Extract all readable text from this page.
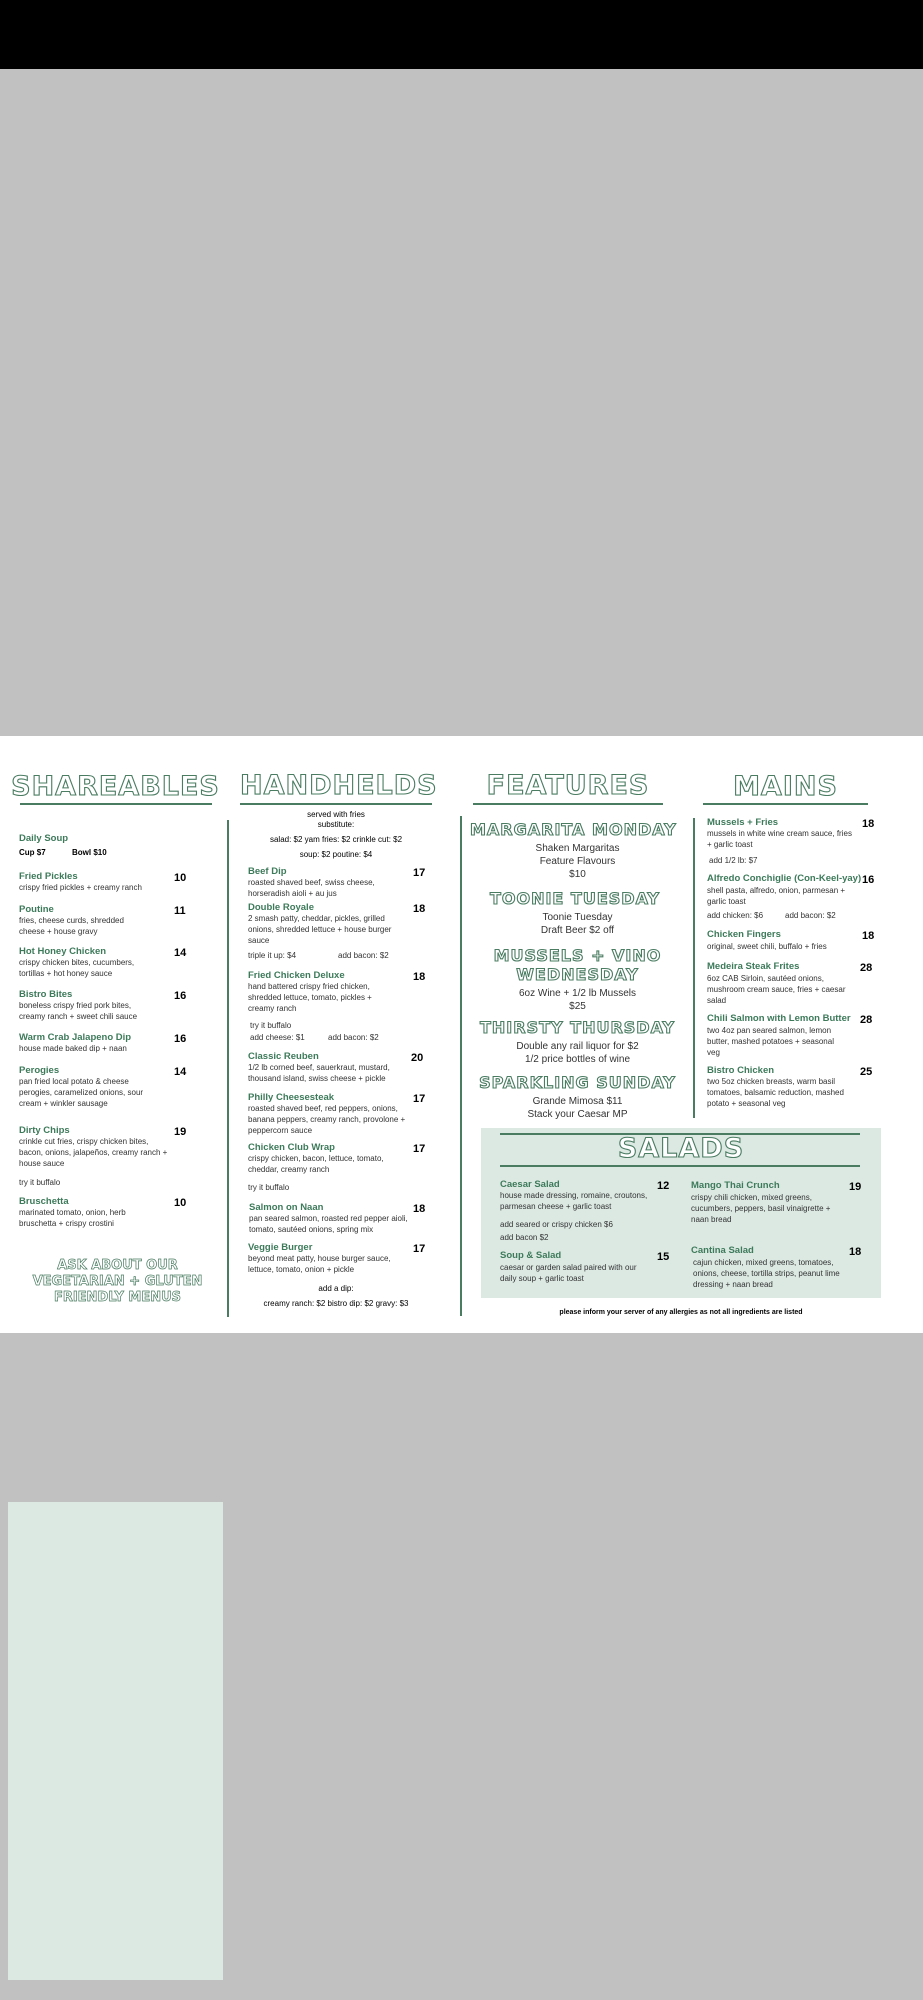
SHAREABLES
Daily Soup
Cup $7	Bowl $10
Fried Pickles
crispy fried pickles + creamy ranch
10
Poutine
fries, cheese curds, shredded cheese + house gravy
11
Hot Honey Chicken
crispy chicken bites, cucumbers, tortillas + hot honey sauce
14
Bistro Bites
boneless crispy fried pork bites, creamy ranch + sweet chili sauce
16
Warm Crab Jalapeno Dip
house made baked dip + naan
16
Perogies
pan fried local potato & cheese perogies, caramelized onions, sour cream + winkler sausage
14
Dirty Chips
crinkle cut fries, crispy chicken bites, bacon, onions, jalapeños, creamy ranch + house sauce
19
try it buffalo
Bruschetta
marinated tomato, onion, herb bruschetta + crispy crostini
10
ASK ABOUT OUR VEGETARIAN + GLUTEN FRIENDLY MENUS
HANDHELDS
served with fries
substitute:
salad: $2 yam fries: $2 crinkle cut: $2
soup: $2 poutine: $4
Beef Dip
roasted shaved beef, swiss cheese, horseradish aioli + au jus
17
Double Royale
2 smash patty, cheddar, pickles, grilled onions, shredded lettuce + house burger sauce
18
triple it up: $4	add bacon: $2
Fried Chicken Deluxe
hand battered crispy fried chicken, shredded lettuce, tomato, pickles + creamy ranch
18
try it buffalo
add cheese: $1	add bacon: $2
Classic Reuben
1/2 lb corned beef, sauerkraut, mustard, thousand island, swiss cheese + pickle
20
Philly Cheesesteak
roasted shaved beef, red peppers, onions, banana peppers, creamy ranch, provolone + peppercorn sauce
17
Chicken Club Wrap
crispy chicken, bacon, lettuce, tomato, cheddar, creamy ranch
17
try it buffalo
Salmon on Naan
pan seared salmon, roasted red pepper aioli, tomato, sautéed onions, spring mix
18
Veggie Burger
beyond meat patty, house burger sauce, lettuce, tomato, onion + pickle
17
add a dip:
creamy ranch: $2 bistro dip: $2 gravy: $3
FEATURES
MARGARITA MONDAY
Shaken Margaritas
Feature Flavours
$10
TOONIE TUESDAY
Toonie Tuesday
Draft Beer $2 off
MUSSELS + VINO
WEDNESDAY
6oz Wine + 1/2 lb Mussels
$25
THIRSTY THURSDAY
Double any rail liquor for $2
1/2 price bottles of wine
SPARKLING SUNDAY
Grande Mimosa $11
Stack your Caesar MP
MAINS
Mussels + Fries
mussels in white wine cream sauce, fries + garlic toast
18
add 1/2 lb: $7
Alfredo Conchiglie (Con-Keel-yay)
shell pasta, alfredo, onion, parmesan + garlic toast
16
add chicken: $6	add bacon: $2
Chicken Fingers
original, sweet chili, buffalo + fries
18
Medeira Steak Frites
6oz CAB Sirloin, sautéed onions, mushroom cream sauce, fries + caesar salad
28
Chili Salmon with Lemon Butter
two 4oz pan seared salmon, lemon butter, mashed potatoes + seasonal veg
28
Bistro Chicken
two 5oz chicken breasts, warm basil tomatoes, balsamic reduction, mashed potato + seasonal veg
25
SALADS
Caesar Salad
house made dressing, romaine, croutons, parmesan cheese + garlic toast
12
add seared or crispy chicken $6
add bacon $2
Soup & Salad
caesar or garden salad paired with our daily soup + garlic toast
15
Mango Thai Crunch
crispy chili chicken, mixed greens, cucumbers, peppers, basil vinaigrette + naan bread
19
Cantina Salad
cajun chicken, mixed greens, tomatoes, onions, cheese, tortilla strips, peanut lime dressing + naan bread
18
please inform your server of any allergies as not all ingredients are listed
